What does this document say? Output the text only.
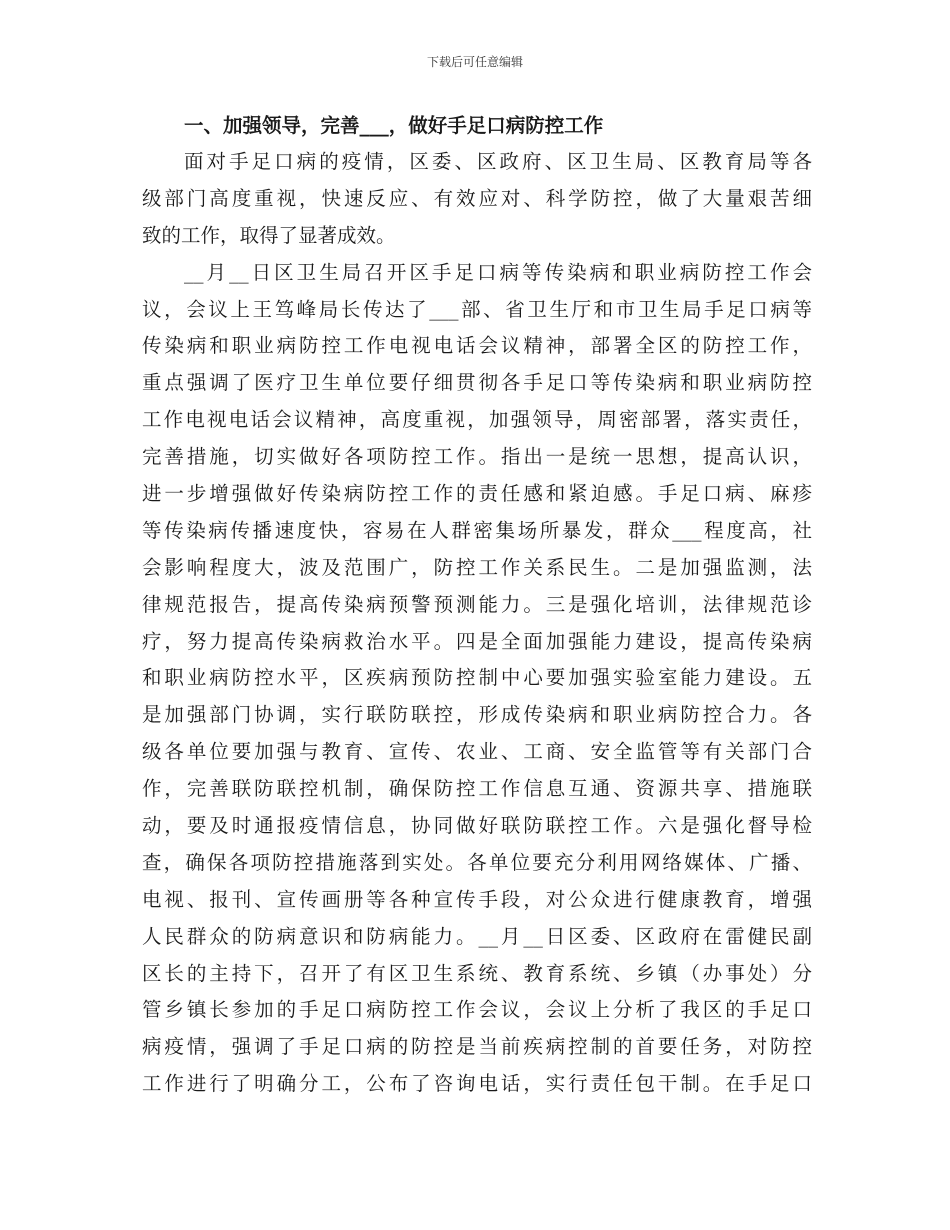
下载后可任意编辑
一、加强领导，完善___，做好手足口病防控工作
面对手足口病的疫情，区委、区政府、区卫生局、区教育局等各
级部门高度重视，快速反应、有效应对、科学防控，做了大量艰苦细
致的工作，取得了显著成效。
__月__日区卫生局召开区手足口病等传染病和职业病防控工作会
议，会议上王笃峰局长传达了___部、省卫生厅和市卫生局手足口病等
传染病和职业病防控工作电视电话会议精神，部署全区的防控工作，
重点强调了医疗卫生单位要仔细贯彻各手足口等传染病和职业病防控
工作电视电话会议精神，高度重视，加强领导，周密部署，落实责任，
完善措施，切实做好各项防控工作。指出一是统一思想，提高认识，
进一步增强做好传染病防控工作的责任感和紧迫感。手足口病、麻疹
等传染病传播速度快，容易在人群密集场所暴发，群众___程度高，社
会影响程度大，波及范围广，防控工作关系民生。二是加强监测，法
律规范报告，提高传染病预警预测能力。三是强化培训，法律规范诊
疗，努力提高传染病救治水平。四是全面加强能力建设，提高传染病
和职业病防控水平，区疾病预防控制中心要加强实验室能力建设。五
是加强部门协调，实行联防联控，形成传染病和职业病防控合力。各
级各单位要加强与教育、宣传、农业、工商、安全监管等有关部门合
作，完善联防联控机制，确保防控工作信息互通、资源共享、措施联
动，要及时通报疫情信息，协同做好联防联控工作。六是强化督导检
查，确保各项防控措施落到实处。各单位要充分利用网络媒体、广播、
电视、报刊、宣传画册等各种宣传手段，对公众进行健康教育，增强
人民群众的防病意识和防病能力。__月__日区委、区政府在雷健民副
区长的主持下，召开了有区卫生系统、教育系统、乡镇（办事处）分
管乡镇长参加的手足口病防控工作会议，会议上分析了我区的手足口
病疫情，强调了手足口病的防控是当前疾病控制的首要任务，对防控
工作进行了明确分工，公布了咨询电话，实行责任包干制。在手足口
